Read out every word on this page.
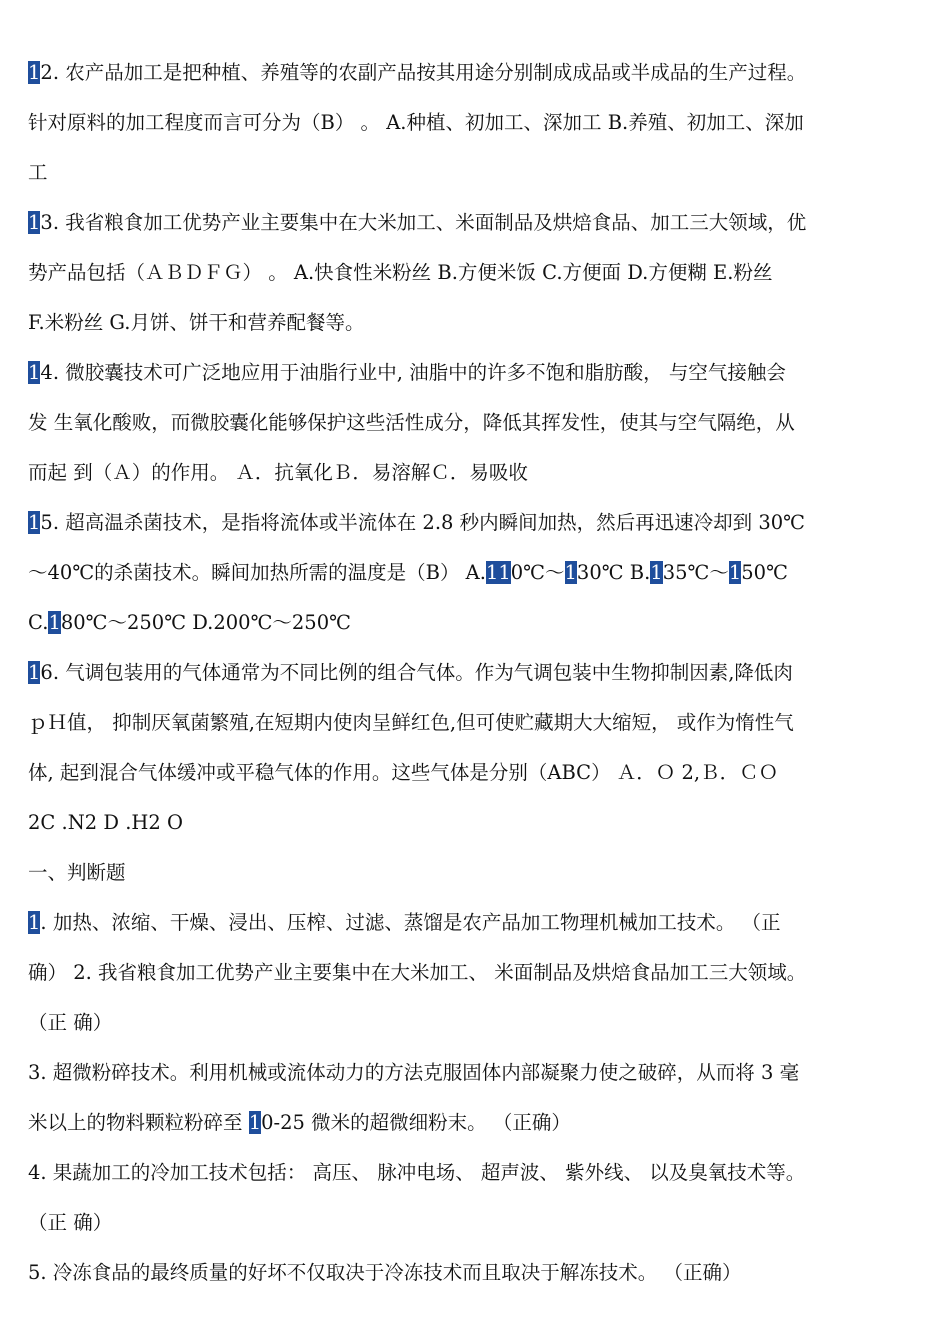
12. 农产品加工是把种植、养殖等的农副产品按其用途分别制成成品或半成品的生产过程。
针对原料的加工程度而言可分为（B） 。 A.种植、初加工、深加工 B.养殖、初加工、深加
工
13. 我省粮食加工优势产业主要集中在大米加工、米面制品及烘焙食品、加工三大领域，优
势产品包括（ＡＢＤＦＧ） 。 A.快食性米粉丝 B.方便米饭 C.方便面 D.方便糊 E.粉丝
F.米粉丝 G.月饼、饼干和营养配餐等。
14. 微胶囊技术可广泛地应用于油脂行业中, 油脂中的许多不饱和脂肪酸， 与空气接触会
发 生氧化酸败，而微胶囊化能够保护这些活性成分，降低其挥发性，使其与空气隔绝，从
而起 到（Ａ）的作用。 Ａ．抗氧化Ｂ．易溶解Ｃ．易吸收
15. 超高温杀菌技术，是指将流体或半流体在 2.8 秒内瞬间加热，然后再迅速冷却到 30℃
～40℃的杀菌技术。瞬间加热所需的温度是（B） A.110℃～130℃ B.135℃～150℃
C.180℃～250℃ D.200℃～250℃
16. 气调包装用的气体通常为不同比例的组合气体。作为气调包装中生物抑制因素,降低肉
ｐＨ值， 抑制厌氧菌繁殖,在短期内使肉呈鲜红色,但可使贮藏期大大缩短， 或作为惰性气
体, 起到混合气体缓冲或平稳气体的作用。这些气体是分别（ABC） Ａ．Ｏ 2,Ｂ．ＣＯ
2C .N2 D .H2 O
一、判断题
1. 加热、浓缩、干燥、浸出、压榨、过滤、蒸馏是农产品加工物理机械加工技术。 （正
确） 2. 我省粮食加工优势产业主要集中在大米加工、 米面制品及烘焙食品加工三大领域。
（正 确）
3. 超微粉碎技术。利用机械或流体动力的方法克服固体内部凝聚力使之破碎，从而将 3 毫
米以上的物料颗粒粉碎至 10-25 微米的超微细粉末。 （正确）
4. 果蔬加工的冷加工技术包括： 高压、 脉冲电场、 超声波、 紫外线、 以及臭氧技术等。
（正 确）
5. 冷冻食品的最终质量的好坏不仅取决于冷冻技术而且取决于解冻技术。 （正确）
